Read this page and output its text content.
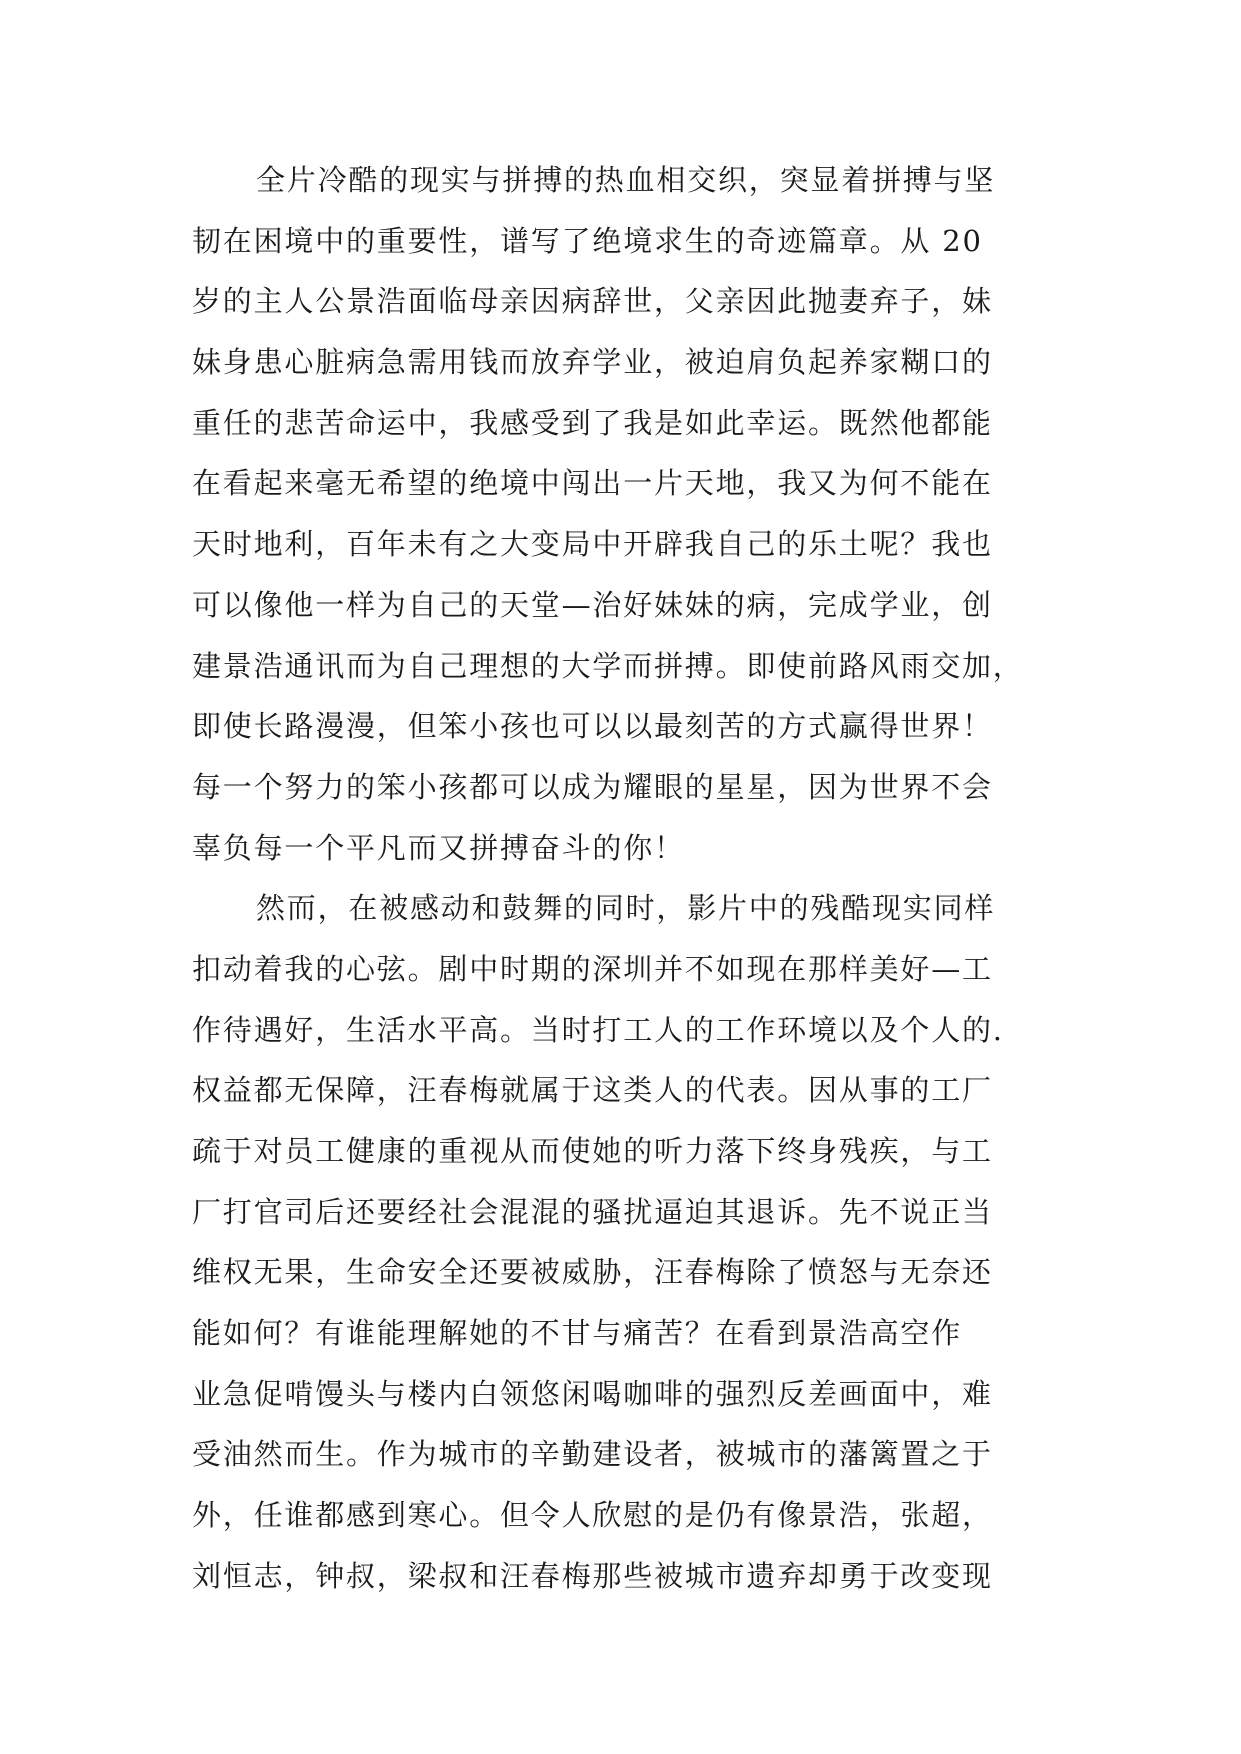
全片冷酷的现实与拼搏的热血相交织，突显着拼搏与坚
韧在困境中的重要性，谱写了绝境求生的奇迹篇章。从 20
岁的主人公景浩面临母亲因病辞世，父亲因此抛妻弃子，妹
妹身患心脏病急需用钱而放弃学业，被迫肩负起养家糊口的
重任的悲苦命运中，我感受到了我是如此幸运。既然他都能
在看起来毫无希望的绝境中闯出一片天地，我又为何不能在
天时地利，百年未有之大变局中开辟我自己的乐土呢？我也
可以像他一样为自己的天堂—治好妹妹的病，完成学业，创
建景浩通讯而为自己理想的大学而拼搏。即使前路风雨交加，
即使长路漫漫，但笨小孩也可以以最刻苦的方式赢得世界！
每一个努力的笨小孩都可以成为耀眼的星星，因为世界不会
辜负每一个平凡而又拼搏奋斗的你！
然而，在被感动和鼓舞的同时，影片中的残酷现实同样
扣动着我的心弦。剧中时期的深圳并不如现在那样美好—工
作待遇好，生活水平高。当时打工人的工作环境以及个人的.
权益都无保障，汪春梅就属于这类人的代表。因从事的工厂
疏于对员工健康的重视从而使她的听力落下终身残疾，与工
厂打官司后还要经社会混混的骚扰逼迫其退诉。先不说正当
维权无果，生命安全还要被威胁，汪春梅除了愤怒与无奈还
能如何？有谁能理解她的不甘与痛苦？在看到景浩高空作
业急促啃馒头与楼内白领悠闲喝咖啡的强烈反差画面中，难
受油然而生。作为城市的辛勤建设者，被城市的藩篱置之于
外，任谁都感到寒心。但令人欣慰的是仍有像景浩，张超，
刘恒志，钟叔，梁叔和汪春梅那些被城市遗弃却勇于改变现
